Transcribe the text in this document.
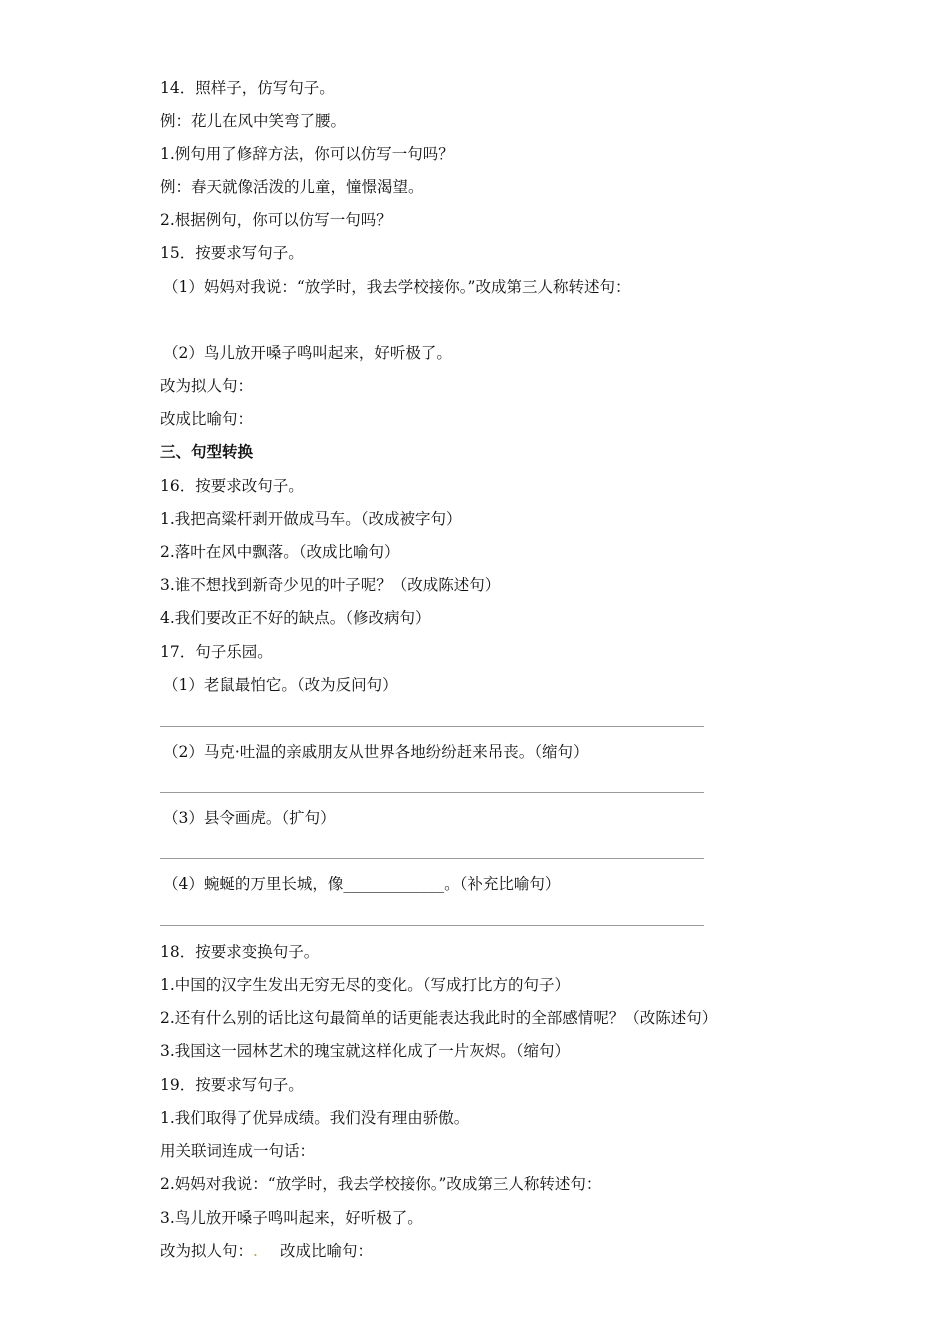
14．照样子，仿写句子。
例：花儿在风中笑弯了腰。
1.例句用了修辞方法，你可以仿写一句吗？
例：春天就像活泼的儿童，憧憬渴望。
2.根据例句，你可以仿写一句吗？
15．按要求写句子。
（1）妈妈对我说：“放学时，我去学校接你。”改成第三人称转述句：
（2）鸟儿放开嗓子鸣叫起来，好听极了。
改为拟人句：
改成比喻句：
三、句型转换
16．按要求改句子。
1.我把高粱杆剥开做成马车。（改成被字句）
2.落叶在风中飘落。（改成比喻句）
3.谁不想找到新奇少见的叶子呢？（改成陈述句）
4.我们要改正不好的缺点。（修改病句）
17．句子乐园。
（1）老鼠最怕它。（改为反问句）
（2）马克·吐温的亲戚朋友从世界各地纷纷赶来吊丧。（缩句）
（3）县令画虎。（扩句）
（4）蜿蜒的万里长城，像_____________。（补充比喻句）
18．按要求变换句子。
1.中国的汉字生发出无穷无尽的变化。（写成打比方的句子）
2.还有什么别的话比这句最简单的话更能表达我此时的全部感情呢？（改陈述句）
3.我国这一园林艺术的瑰宝就这样化成了一片灰烬。（缩句）
19．按要求写句子。
1.我们取得了优异成绩。我们没有理由骄傲。
用关联词连成一句话：
2.妈妈对我说：“放学时，我去学校接你。”改成第三人称转述句：
3.鸟儿放开嗓子鸣叫起来，好听极了。
改为拟人句：. 改成比喻句：
